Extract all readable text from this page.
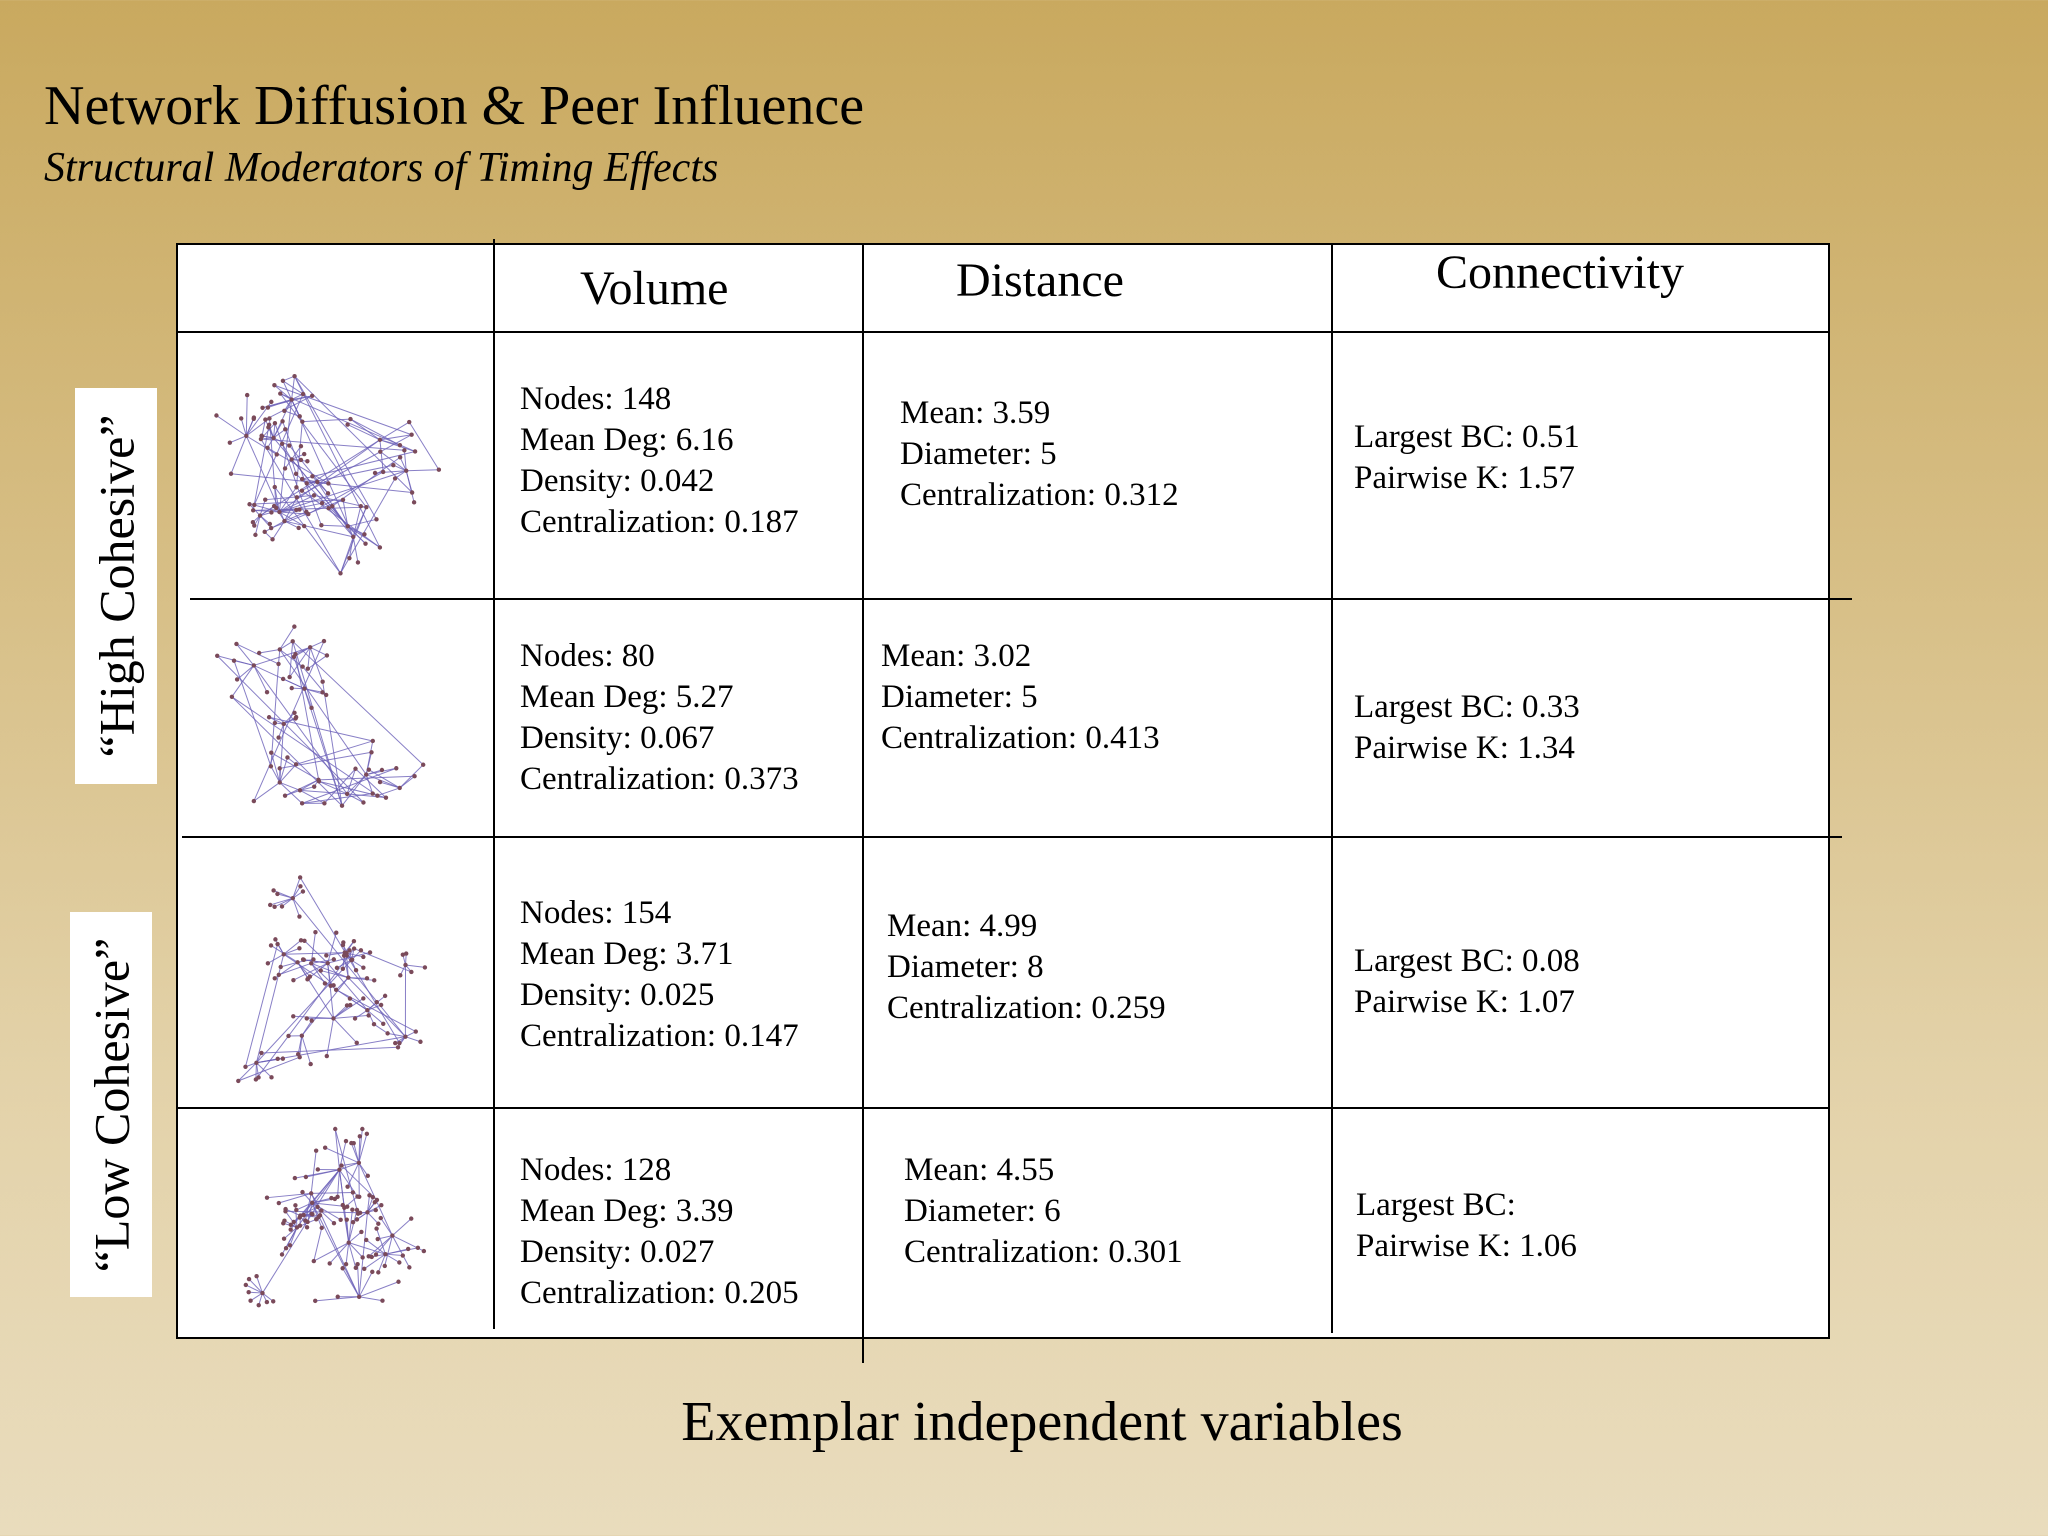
Network Diffusion & Peer Influence
Structural Moderators of Timing Effects
“High Cohesive”
“Low Cohesive”
Volume	Distance	Connectivity
Nodes: 148
Mean Deg: 6.16
Density: 0.042
Centralization: 0.187
Mean: 3.59
Diameter: 5
Centralization: 0.312
Largest BC: 0.51
Pairwise K: 1.57
Nodes: 80
Mean Deg: 5.27
Density: 0.067
Centralization: 0.373
Mean: 3.02
Diameter: 5
Centralization: 0.413
Largest BC: 0.33
Pairwise K: 1.34
Nodes: 154
Mean Deg: 3.71
Density: 0.025
Centralization: 0.147
Mean: 4.99
Diameter: 8
Centralization: 0.259
Largest BC: 0.08
Pairwise K: 1.07
Nodes: 128
Mean Deg: 3.39
Density: 0.027
Centralization: 0.205
Mean: 4.55
Diameter: 6
Centralization: 0.301
Largest BC:
Pairwise K: 1.06
Exemplar independent variables
